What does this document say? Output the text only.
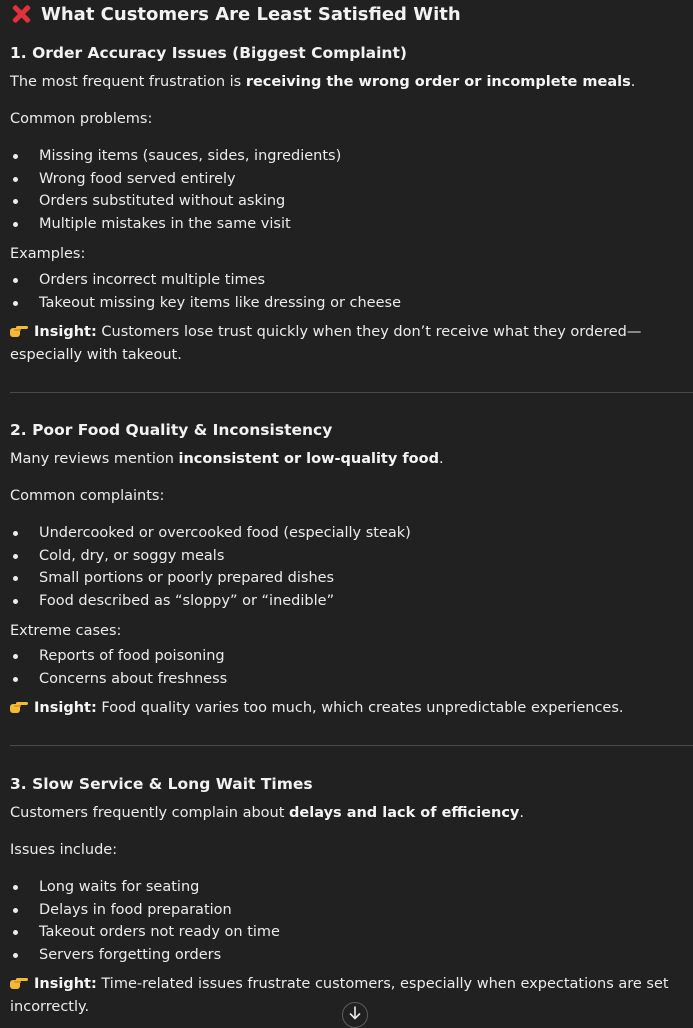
What Customers Are Least Satisfied With
1. Order Accuracy Issues (Biggest Complaint)
The most frequent frustration is receiving the wrong order or incomplete meals.
Common problems:
Missing items (sauces, sides, ingredients)
Wrong food served entirely
Orders substituted without asking
Multiple mistakes in the same visit
Examples:
Orders incorrect multiple times
Takeout missing key items like dressing or cheese
Insight: Customers lose trust quickly when they don’t receive what they ordered—especially with takeout.
2. Poor Food Quality & Inconsistency
Many reviews mention inconsistent or low-quality food.
Common complaints:
Undercooked or overcooked food (especially steak)
Cold, dry, or soggy meals
Small portions or poorly prepared dishes
Food described as “sloppy” or “inedible”
Extreme cases:
Reports of food poisoning
Concerns about freshness
Insight: Food quality varies too much, which creates unpredictable experiences.
3. Slow Service & Long Wait Times
Customers frequently complain about delays and lack of efficiency.
Issues include:
Long waits for seating
Delays in food preparation
Takeout orders not ready on time
Servers forgetting orders
Insight: Time-related issues frustrate customers, especially when expectations are set incorrectly.
